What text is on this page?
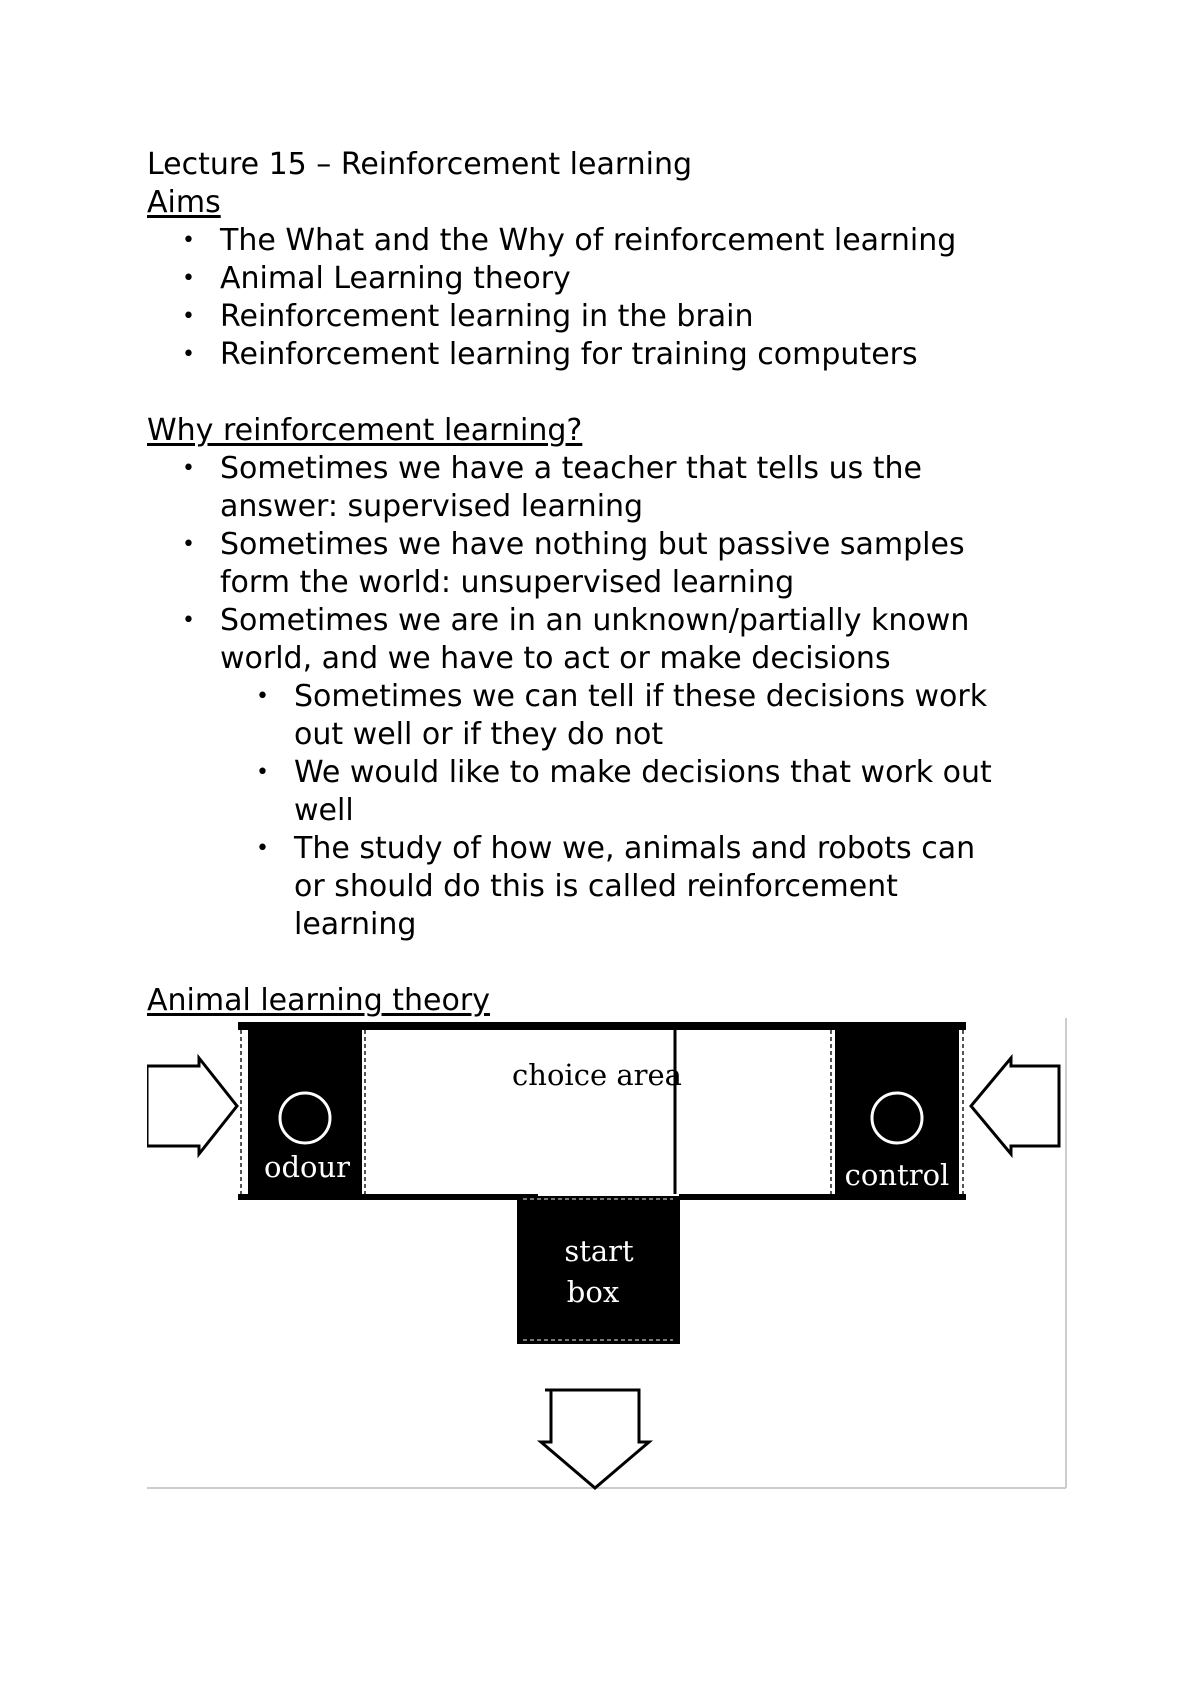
Lecture 15 – Reinforcement learning
Aims
• The What and the Why of reinforcement learning
• Animal Learning theory
• Reinforcement learning in the brain
• Reinforcement learning for training computers
Why reinforcement learning?
• Sometimes we have a teacher that tells us the answer: supervised learning
• Sometimes we have nothing but passive samples form the world: unsupervised learning
• Sometimes we are in an unknown/partially known world, and we have to act or make decisions
• Sometimes we can tell if these decisions work out well or if they do not
• We would like to make decisions that work out well
• The study of how we, animals and robots can or should do this is called reinforcement learning
Animal learning theory
odour	control
choice area
start
box
